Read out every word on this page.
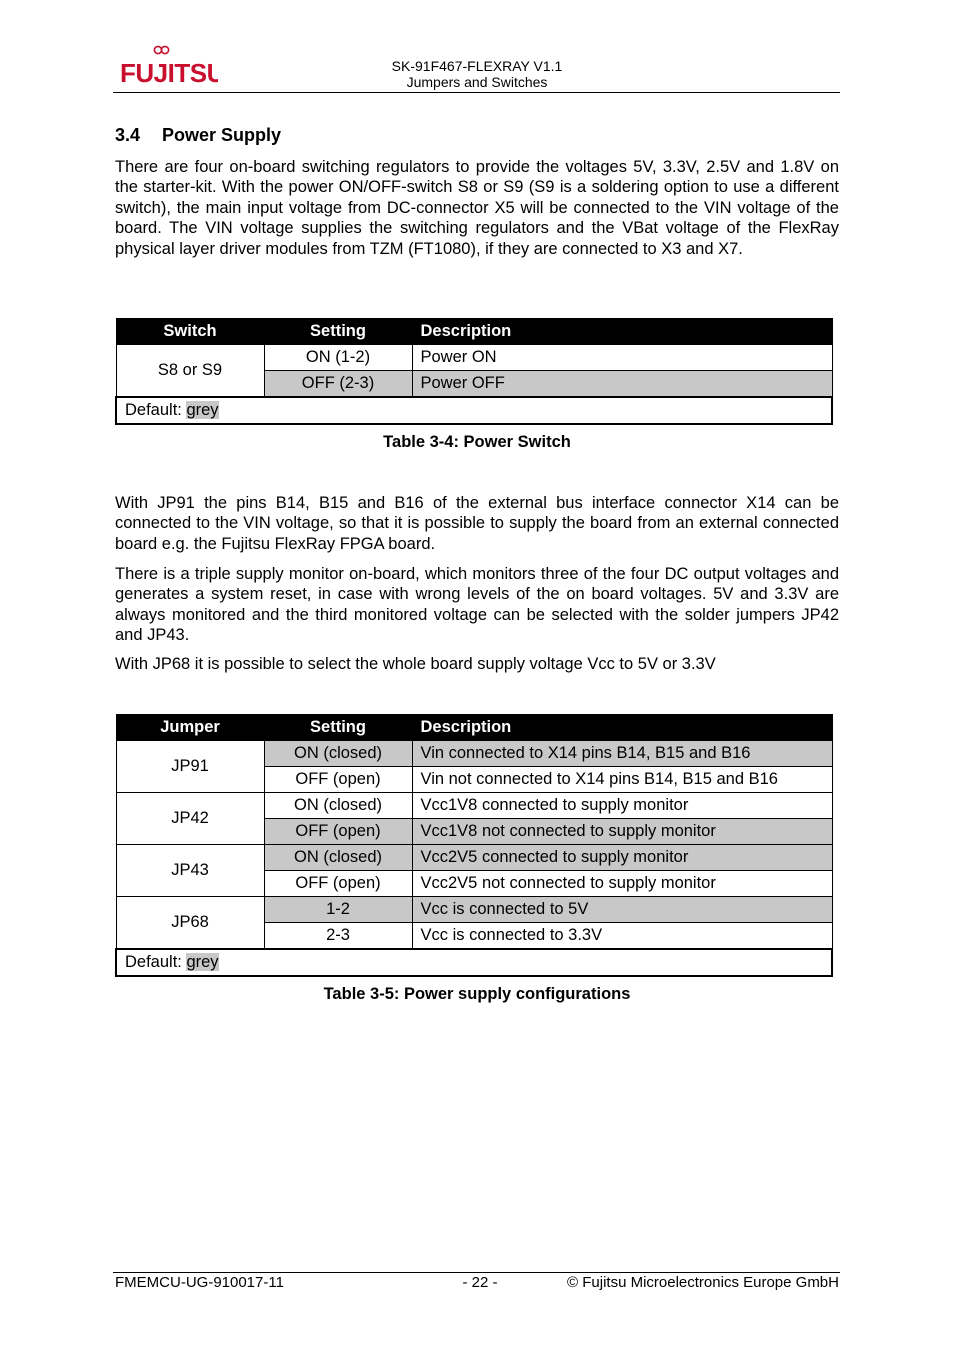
FUJITSU	SK-91F467-FLEXRAY V1.1
Jumpers and Switches
3.4 Power Supply
There are four on-board switching regulators to provide the voltages 5V, 3.3V, 2.5V and 1.8V on the starter-kit. With the power ON/OFF-switch S8 or S9 (S9 is a soldering option to use a different switch), the main input voltage from DC-connector X5 will be connected to the VIN voltage of the board. The VIN voltage supplies the switching regulators and the VBat voltage of the FlexRay physical layer driver modules from TZM (FT1080), if they are connected to X3 and X7.
Switch	Setting	Description
S8 or S9	ON (1-2)	Power ON
	OFF (2-3)	Power OFF
Default: grey		
Table 3-4: Power Switch
With JP91 the pins B14, B15 and B16 of the external bus interface connector X14 can be connected to the VIN voltage, so that it is possible to supply the board from an external connected board e.g. the Fujitsu FlexRay FPGA board.
There is a triple supply monitor on-board, which monitors three of the four DC output voltages and generates a system reset, in case with wrong levels of the on board voltages. 5V and 3.3V are always monitored and the third monitored voltage can be selected with the solder jumpers JP42 and JP43.
With JP68 it is possible to select the whole board supply voltage Vcc to 5V or 3.3V
Jumper	Setting	Description
JP91	ON (closed)	Vin connected to X14 pins B14, B15 and B16
	OFF (open)	Vin not connected to X14 pins B14, B15 and B16
JP42	ON (closed)	Vcc1V8 connected to supply monitor
	OFF (open)	Vcc1V8 not connected to supply monitor
JP43	ON (closed)	Vcc2V5 connected to supply monitor
	OFF (open)	Vcc2V5 not connected to supply monitor
JP68	1-2	Vcc is connected to 5V
	2-3	Vcc is connected to 3.3V
Default: grey		
Table 3-5: Power supply configurations
FMEMCU-UG-910017-11	- 22 -	© Fujitsu Microelectronics Europe GmbH
